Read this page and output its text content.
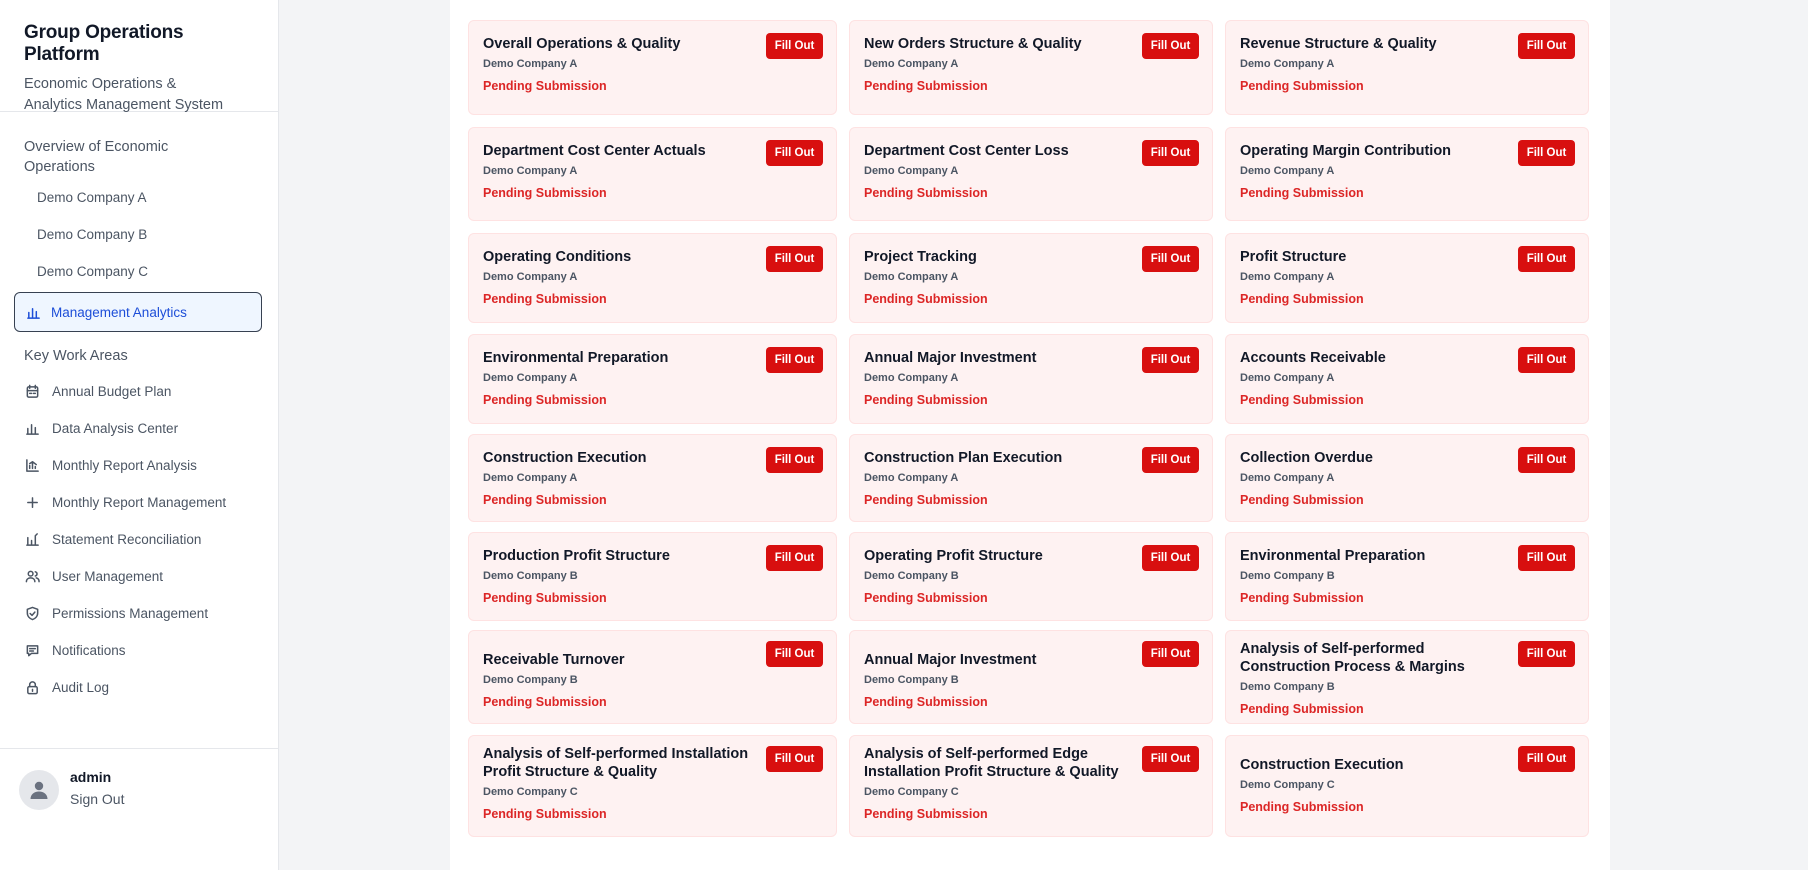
Group Operations Platform
Economic Operations & Analytics Management System
Overview of Economic Operations
Demo Company A
Demo Company B
Demo Company C
Management Analytics
Key Work Areas
Annual Budget Plan
Data Analysis Center
Monthly Report Analysis
Monthly Report Management
Statement Reconciliation
User Management
Permissions Management
Notifications
Audit Log
admin
Sign Out
Overall Operations & Quality
Demo Company A
Pending Submission
Fill Out	New Orders Structure & Quality
Demo Company A
Pending Submission
Fill Out	Revenue Structure & Quality
Demo Company A
Pending Submission
Fill Out
Department Cost Center Actuals
Demo Company A
Pending Submission
Fill Out	Department Cost Center Loss
Demo Company A
Pending Submission
Fill Out	Operating Margin Contribution
Demo Company A
Pending Submission
Fill Out
Operating Conditions
Demo Company A
Pending Submission
Fill Out	Project Tracking
Demo Company A
Pending Submission
Fill Out	Profit Structure
Demo Company A
Pending Submission
Fill Out
Environmental Preparation
Demo Company A
Pending Submission
Fill Out	Annual Major Investment
Demo Company A
Pending Submission
Fill Out	Accounts Receivable
Demo Company A
Pending Submission
Fill Out
Construction Execution
Demo Company A
Pending Submission
Fill Out	Construction Plan Execution
Demo Company A
Pending Submission
Fill Out	Collection Overdue
Demo Company A
Pending Submission
Fill Out
Production Profit Structure
Demo Company B
Pending Submission
Fill Out	Operating Profit Structure
Demo Company B
Pending Submission
Fill Out	Environmental Preparation
Demo Company B
Pending Submission
Fill Out
Receivable Turnover
Demo Company B
Pending Submission
Fill Out	Annual Major Investment
Demo Company B
Pending Submission
Fill Out	Analysis of Self-performed Construction Process & Margins
Demo Company B
Pending Submission
Fill Out
Analysis of Self-performed Installation Profit Structure & Quality
Demo Company C
Pending Submission
Fill Out	Analysis of Self-performed Edge Installation Profit Structure & Quality
Demo Company C
Pending Submission
Fill Out	Construction Execution
Demo Company C
Pending Submission
Fill Out
